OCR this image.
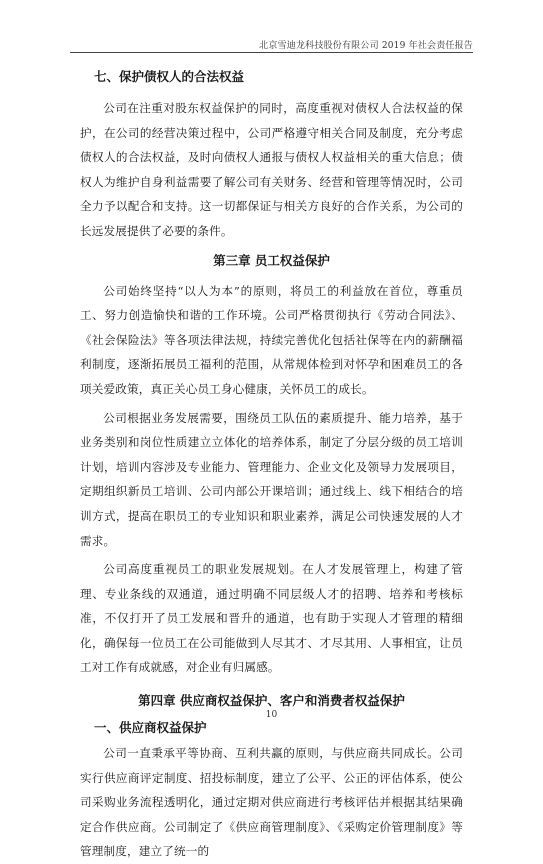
北京雪迪龙科技股份有限公司 2019 年社会责任报告
七、保护债权人的合法权益

公司在注重对股东权益保护的同时，高度重视对债权人合法权益的保护，在公司的经营决策过程中，公司严格遵守相关合同及制度，充分考虑债权人的合法权益，及时向债权人通报与债权人权益相关的重大信息；债权人为维护自身利益需要了解公司有关财务、经营和管理等情况时，公司全力予以配合和支持。这一切都保证与相关方良好的合作关系，为公司的长远发展提供了必要的条件。

第三章 员工权益保护

公司始终坚持“以人为本”的原则，将员工的利益放在首位，尊重员工、努力创造愉快和谐的工作环境。公司严格贯彻执行《劳动合同法》、《社会保险法》等各项法律法规，持续完善优化包括社保等在内的薪酬福利制度，逐渐拓展员工福利的范围，从常规体检到对怀孕和困难员工的各项关爱政策，真正关心员工身心健康，关怀员工的成长。

公司根据业务发展需要，围绕员工队伍的素质提升、能力培养，基于业务类别和岗位性质建立立体化的培养体系，制定了分层分级的员工培训计划，培训内容涉及专业能力、管理能力、企业文化及领导力发展项目，定期组织新员工培训、公司内部公开课培训；通过线上、线下相结合的培训方式，提高在职员工的专业知识和职业素养，满足公司快速发展的人才需求。

公司高度重视员工的职业发展规划。在人才发展管理上，构建了管理、专业条线的双通道，通过明确不同层级人才的招聘、培养和考核标准，不仅打开了员工发展和晋升的通道，也有助于实现人才管理的精细化，确保每一位员工在公司能做到人尽其才、才尽其用、人事相宜，让员工对工作有成就感，对企业有归属感。

第四章 供应商权益保护、客户和消费者权益保护
一、供应商权益保护

公司一直秉承平等协商、互利共赢的原则，与供应商共同成长。公司实行供应商评定制度、招投标制度，建立了公平、公正的评估体系，使公司采购业务流程透明化，通过定期对供应商进行考核评估并根据其结果确定合作供应商。公司制定了《供应商管理制度》、《采购定价管理制度》等管理制度，建立了统一的

10
